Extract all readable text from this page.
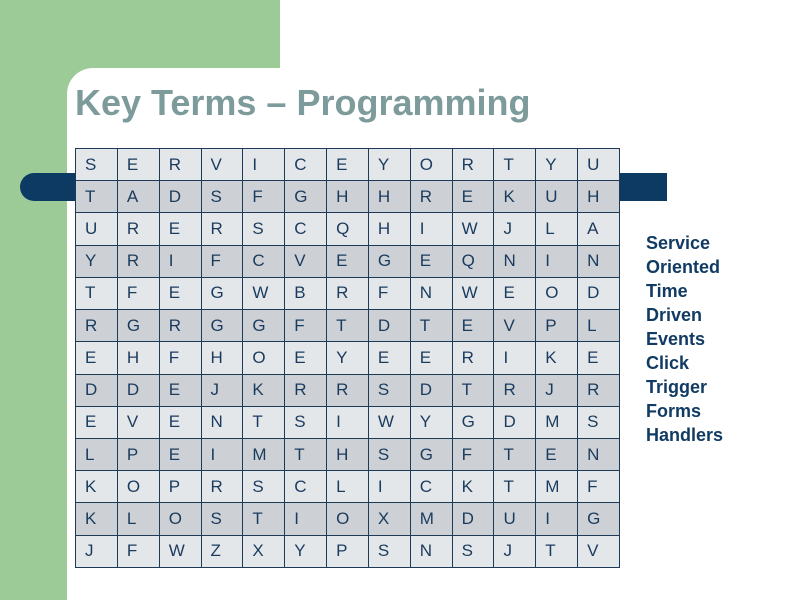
Key Terms – Programming
S	E	R	V	I	C	E	Y	O	R	T	Y	U
T	A	D	S	F	G	H	H	R	E	K	U	H
U	R	E	R	S	C	Q	H	I	W	J	L	A
Y	R	I	F	C	V	E	G	E	Q	N	I	N
T	F	E	G	W	B	R	F	N	W	E	O	D
R	G	R	G	G	F	T	D	T	E	V	P	L
E	H	F	H	O	E	Y	E	E	R	I	K	E
D	D	E	J	K	R	R	S	D	T	R	J	R
E	V	E	N	T	S	I	W	Y	G	D	M	S
L	P	E	I	M	T	H	S	G	F	T	E	N
K	O	P	R	S	C	L	I	C	K	T	M	F
K	L	O	S	T	I	O	X	M	D	U	I	G
J	F	W	Z	X	Y	P	S	N	S	J	T	V
Service
Oriented
Time
Driven
Events
Click
Trigger
Forms
Handlers
